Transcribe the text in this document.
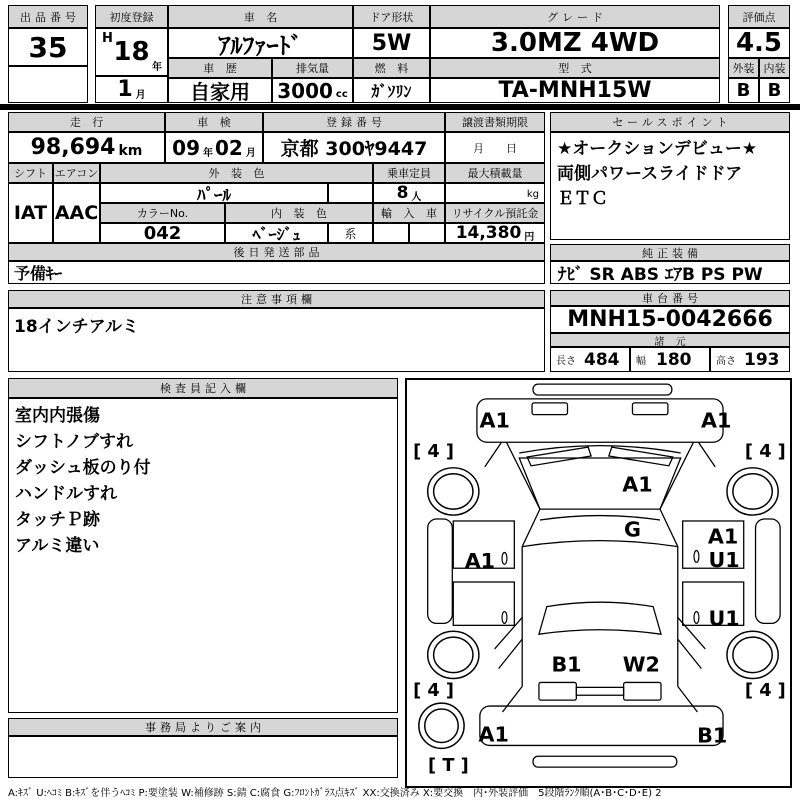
出品番号
35
初度登録
H 18
年
1 月
車 名
ｱﾙﾌｧｰﾄﾞ
車 歴
自家用
排気量
3000 cc
ドア形状
5W
燃 料
ｶﾞｿﾘﾝ
グレード
3.0MZ 4WD
型 式
TA-MNH15W
評価点
4.5
外装 内装
B B
走 行
98,694 km
車 検
09 年 02 月
登録番号
京都 300ﾔ9447
譲渡書類期限
月　　日
セールスポイント
★オークションデビュー★
両側パワースライドドア
ＥＴＣ
シフト エアコン
IAT AAC
外 装 色	乗車定員	最大積載量
ﾊﾟｰﾙ	8 人	kg
カラーNo.	内 装 色	輸 入 車 リサイクル預託金
042	ﾍﾞｰｼﾞｭ	系	14,380 円
後日発送部品
予備ｷｰ
純正装備
ﾅﾋﾞ SR ABS ｴｱB PS PW
注意事項欄
18インチアルミ
車台番号
MNH15-0042666
諸 元
長さ 484 幅 180 高さ 193
検査員記入欄
室内内張傷
シフトノブすれ
ダッシュ板のり付
ハンドルすれ
タッチＰ跡
アルミ違い
事務局よりご案内
A1	A1
A1
G
A1
A1
U1
U1
B1 W2
A1	B1
[ 4 ]	[ 4 ]
[ 4 ]	[ 4 ]
[ T ]
A:ｷｽﾞ U:ﾍｺﾐ B:ｷｽﾞを伴うﾍｺﾐ P:要塗装 W:補修跡 S:錆 C:腐食 G:ﾌﾛﾝﾄｶﾞﾗｽ点ｷｽﾞ XX:交換済み X:要交換　内･外装評価　5段階ﾗﾝｸ順(A･B･C･D･E) 2
